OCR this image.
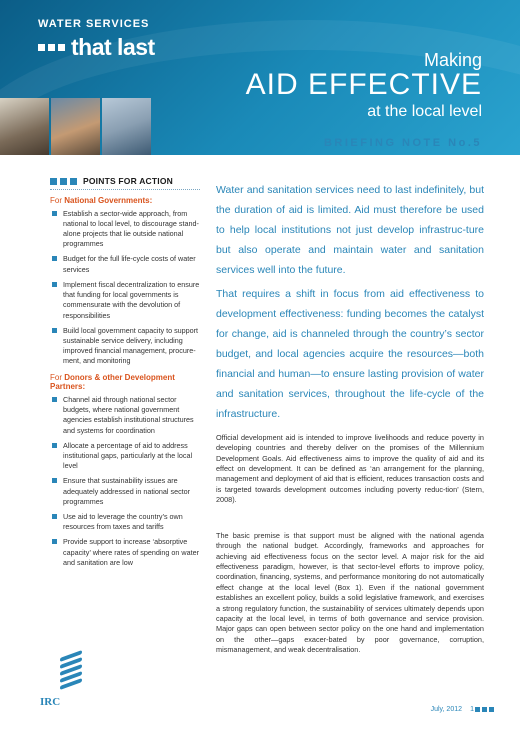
WATER SERVICES
that last	Making
AID EFFECTIVE
at the local level
BRIEFING NOTE No.5
POINTS FOR ACTION
For National Governments:
Establish a sector-wide approach, from national to local level, to discourage stand-alone projects that lie outside national programmes
Budget for the full life-cycle costs of water services
Implement fiscal decentralization to ensure that funding for local governments is commensurate with the devolution of responsibilities
Build local government capacity to support sustainable service delivery, including improved financial management, procure-ment, and monitoring
For Donors & other Development Partners:
Channel aid through national sector budgets, where national government agencies establish institutional structures and systems for coordination
Allocate a percentage of aid to address institutional gaps, particularly at the local level
Ensure that sustainability issues are adequately addressed in national sector programmes
Use aid to leverage the country’s own resources from taxes and tariffs
Provide support to increase ‘absorptive capacity’ where rates of spending on water and sanitation are low

Water and sanitation services need to last indefinitely, but the duration of aid is limited. Aid must therefore be used to help local institutions not just develop infrastruc-ture but also operate and maintain water and sanitation services well into the future.

That requires a shift in focus from aid effectiveness to development effectiveness: funding becomes the catalyst for change, aid is channeled through the country’s sector budget, and local agencies acquire the resources—both financial and human—to ensure lasting provision of water and sanitation services, throughout the life-cycle of the infrastructure.

Official development aid is intended to improve livelihoods and reduce poverty in developing countries and thereby deliver on the promises of the Millennium Development Goals. Aid effectiveness aims to improve the quality of aid and its effect on development. It can be defined as ‘an arrangement for the planning, management and deployment of aid that is efficient, reduces transaction costs and is targeted towards development outcomes including poverty reduc-tion’ (Stern, 2008).

The basic premise is that support must be aligned with the national agenda through the national budget. Accordingly, frameworks and approaches for achieving aid effectiveness focus on the sector level. A major risk for the aid effectiveness paradigm, however, is that sector-level efforts to improve policy, coordination, financing, systems, and performance monitoring do not automatically effect change at the local level (Box 1). Even if the national government establishes an excellent policy, builds a solid legislative framework, and exercises a strong regulatory function, the sustainability of services ultimately depends upon capacity at the local level, in terms of both governance and service provision. Major gaps can open between sector policy on the one hand and implementation on the other—gaps exacer-bated by poor governance, corruption, mismanagement, and weak decentralisation.

IRC
July, 2012 1
